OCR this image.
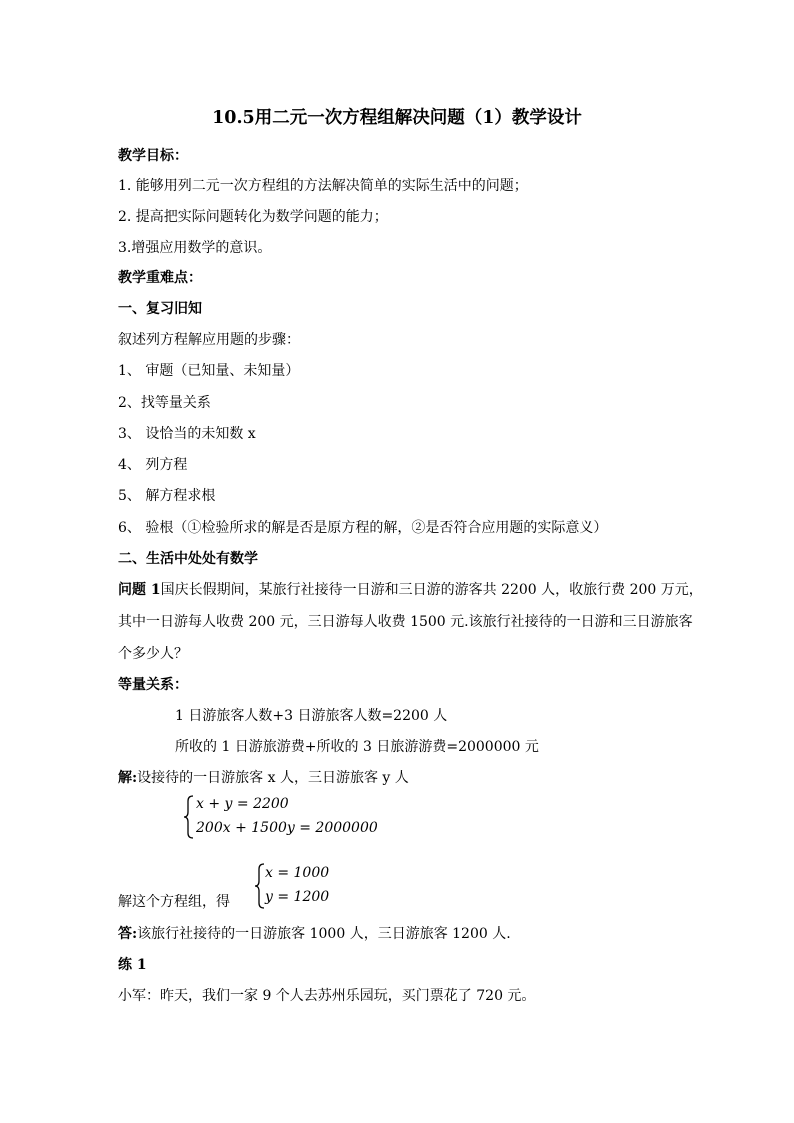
10.5用二元一次方程组解决问题（1）教学设计
教学目标：
1. 能够用列二元一次方程组的方法解决简单的实际生活中的问题；
2. 提高把实际问题转化为数学问题的能力；
3.增强应用数学的意识。
教学重难点：
一、复习旧知
叙述列方程解应用题的步骤：
1、 审题（已知量、未知量）
2、找等量关系
3、 设恰当的未知数 x
4、 列方程
5、 解方程求根
6、 验根（①检验所求的解是否是原方程的解，②是否符合应用题的实际意义）
二、生活中处处有数学
问题 1国庆长假期间，某旅行社接待一日游和三日游的游客共 2200 人，收旅行费 200 万元，
其中一日游每人收费 200 元，三日游每人收费 1500 元.该旅行社接待的一日游和三日游旅客
个多少人？
等量关系：
1 日游旅客人数+3 日游旅客人数=2200 人
所收的 1 日游旅游费+所收的 3 日旅游游费=2000000 元
解:设接待的一日游旅客 x 人，三日游旅客 y 人
x + y = 2200
200x + 1500y = 2000000
解这个方程组，得
x = 1000
y = 1200
答:该旅行社接待的一日游旅客 1000 人，三日游旅客 1200 人.
练 1
小军：昨天，我们一家 9 个人去苏州乐园玩，买门票花了 720 元。
